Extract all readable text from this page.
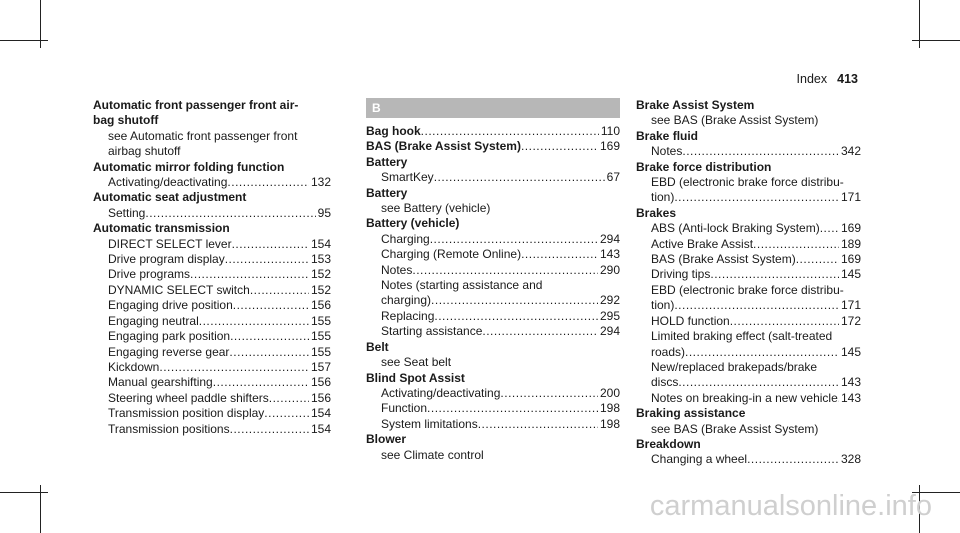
Index 413
Automatic front passenger front air-
bag shutoff
see Automatic front passenger front
airbag shutoff
Automatic mirror folding function
Activating/deactivating .....	132
Automatic seat adjustment
Setting .....	95
Automatic transmission
DIRECT SELECT lever .....	154
Drive program display .....	153
Drive programs .....	152
DYNAMIC SELECT switch .....	152
Engaging drive position .....	156
Engaging neutral .....	155
Engaging park position .....	155
Engaging reverse gear .....	155
Kickdown .....	157
Manual gearshifting .....	156
Steering wheel paddle shifters .....	156
Transmission position display .....	154
Transmission positions .....	154
B
Bag hook .....	110
BAS (Brake Assist System) .....	169
Battery
SmartKey .....	67
Battery
see Battery (vehicle)
Battery (vehicle)
Charging .....	294
Charging (Remote Online) .....	143
Notes .....	290
Notes (starting assistance and
charging) .....	292
Replacing .....	295
Starting assistance .....	294
Belt
see Seat belt
Blind Spot Assist
Activating/deactivating .....	200
Function .....	198
System limitations .....	198
Blower
see Climate control
Brake Assist System
see BAS (Brake Assist System)
Brake fluid
Notes .....	342
Brake force distribution
EBD (electronic brake force distribu-
tion) .....	171
Brakes
ABS (Anti-lock Braking System) ..... 169
Active Brake Assist .....	189
BAS (Brake Assist System) .....	169
Driving tips .....	145
EBD (electronic brake force distribu-
tion) .....	171
HOLD function .....	172
Limited braking effect (salt-treated
roads) .....	145
New/replaced brakepads/brake
discs .....	143
Notes on breaking-in a new vehicle ..... 143
Braking assistance
see BAS (Brake Assist System)
Breakdown
Changing a wheel .....	328
carmanualsonline.info
